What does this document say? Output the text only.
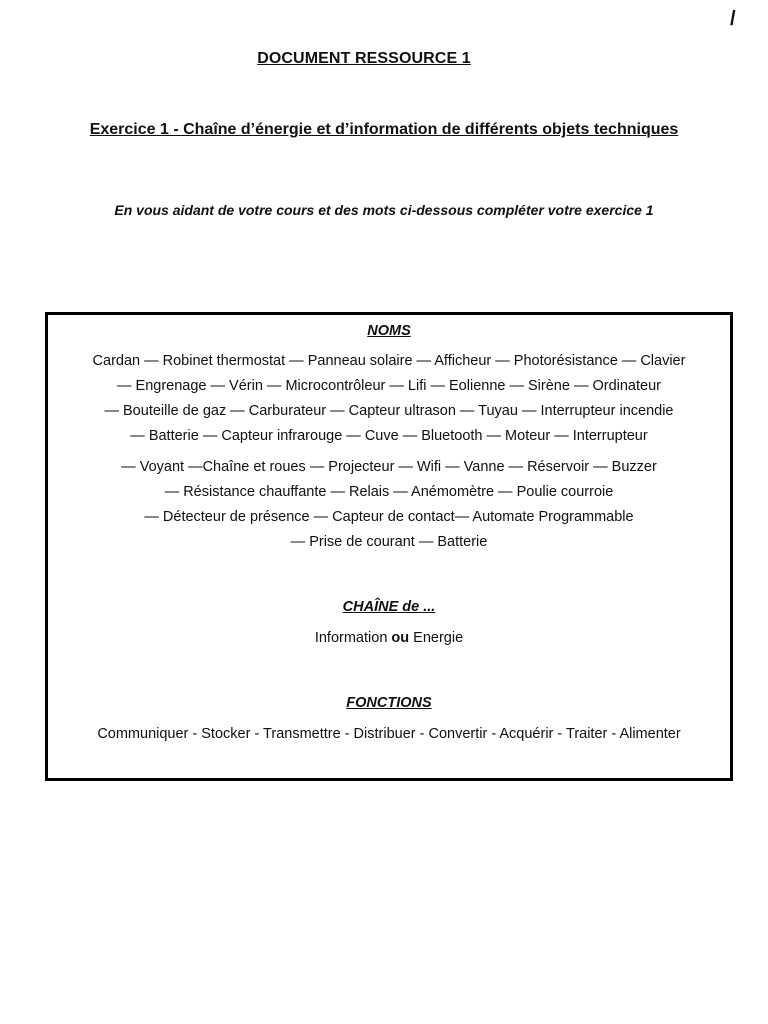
/
DOCUMENT RESSOURCE 1
Exercice 1 - Chaîne d’énergie et d’information de différents objets techniques
En vous aidant de votre cours et des mots ci-dessous compléter votre exercice 1
NOMS
Cardan — Robinet thermostat — Panneau solaire — Afficheur — Photorésistance — Clavier
— Engrenage — Vérin — Microcontrôleur — Lifi — Eolienne — Sirène — Ordinateur
— Bouteille de gaz — Carburateur — Capteur ultrason — Tuyau — Interrupteur incendie
— Batterie — Capteur infrarouge — Cuve — Bluetooth — Moteur — Interrupteur
— Voyant —Chaîne et roues — Projecteur — Wifi — Vanne — Réservoir — Buzzer
— Résistance chauffante — Relais — Anémomètre — Poulie courroie
— Détecteur de présence — Capteur de contact— Automate Programmable
— Prise de courant — Batterie
CHAÎNE de ...
Information ou Energie
FONCTIONS
Communiquer - Stocker - Transmettre - Distribuer - Convertir - Acquérir - Traiter - Alimenter
